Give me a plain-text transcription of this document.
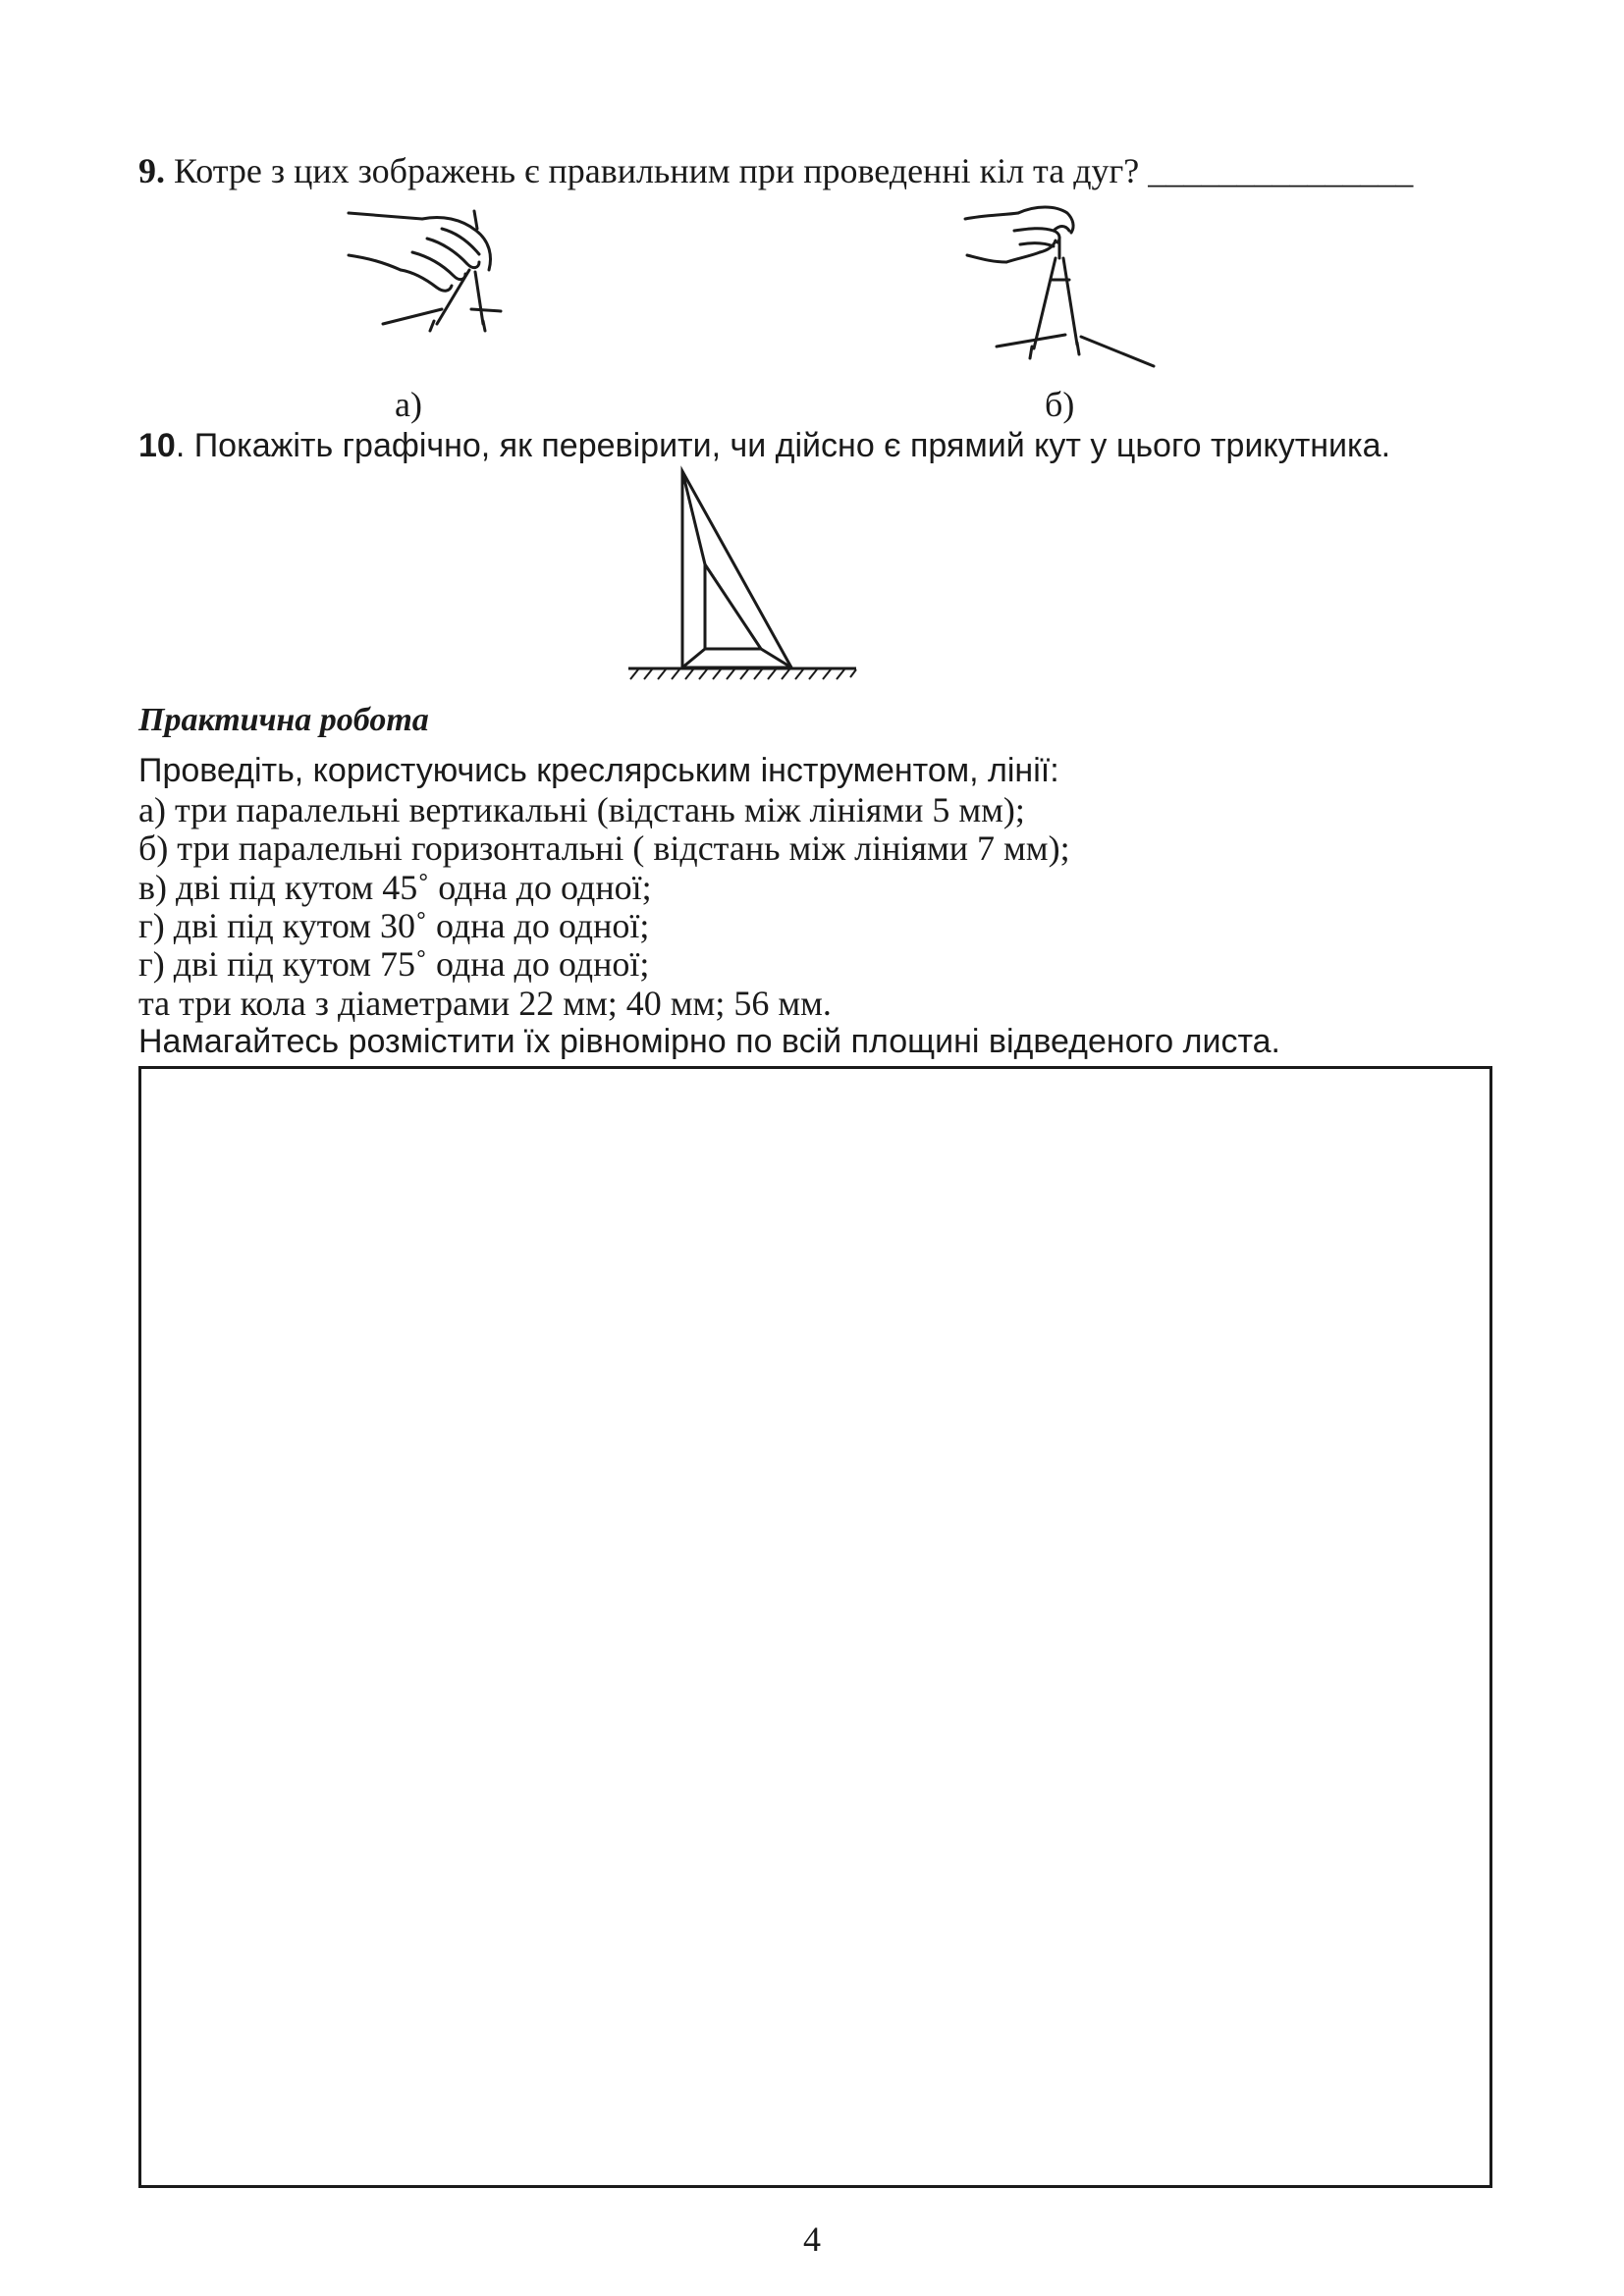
9. Котре з цих зображень є правильним при проведенні кіл та дуг? _______________
а)	б)
10. Покажіть графічно, як перевірити, чи дійсно є прямий кут у цього трикутника.
Практична робота
Проведіть, користуючись креслярським інструментом, лінії:
а) три паралельні вертикальні (відстань між лініями 5 мм);
б) три паралельні горизонтальні ( відстань між лініями 7 мм);
в) дві під кутом 45˚ одна до одної;
г) дві під кутом 30˚ одна до одної;
г) дві під кутом 75˚ одна до одної;
та три кола з діаметрами 22 мм; 40 мм; 56 мм.
Намагайтесь розмістити їх рівномірно по всій площині відведеного листа.
4
